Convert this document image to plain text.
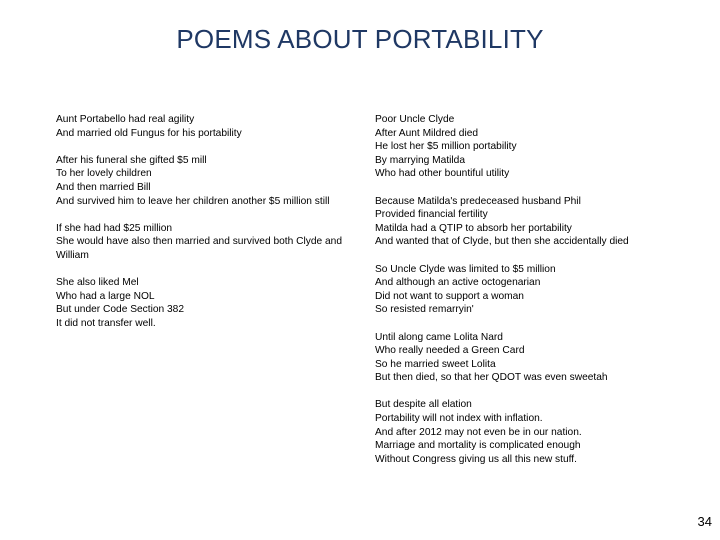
POEMS ABOUT PORTABILITY
Aunt Portabello had real agility
And married old Fungus for his portability
After his funeral she gifted $5 mill
To her lovely children
And then married Bill
And survived him to leave her children another $5 million still
If she had had $25 million
She would have also then married and survived both Clyde and William
She also liked Mel
Who had a large NOL
But under Code Section 382
It did not transfer well.
Poor Uncle Clyde
After Aunt Mildred died
He lost her $5 million portability
By marrying Matilda
Who had other bountiful utility
Because Matilda's predeceased husband Phil
Provided financial fertility
Matilda had a QTIP to absorb her portability
And wanted that of Clyde, but then she accidentally died
So Uncle Clyde was limited to $5 million
And although an active octogenarian
Did not want to support a woman
So resisted remarryin'
Until along came Lolita Nard
Who really needed a Green Card
So he married sweet Lolita
But then died, so that her QDOT was even sweetah
But despite all elation
Portability will not index with inflation.
And after 2012 may not even be in our nation.
Marriage and mortality is complicated enough
Without Congress giving us all this new stuff.
34
